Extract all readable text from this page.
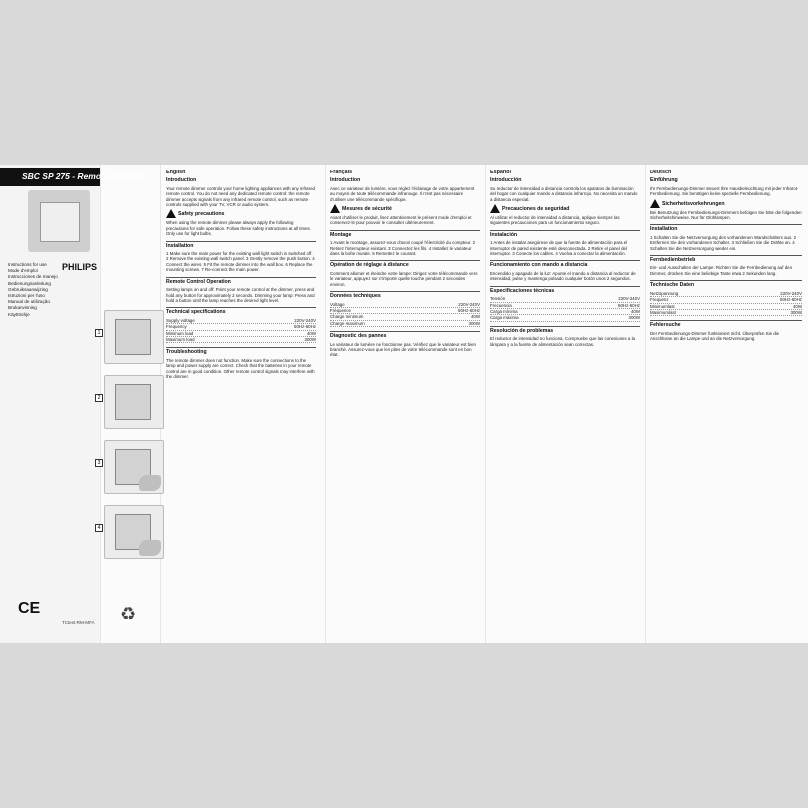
SBC SP 275 - Remote Dimmer
Instructions for use
Mode d'emploi
Instrucciones de manejo
Bedienungsanleitung
Gebruiksaanwijzing
Istruzioni per l'uso
Manual de utilização
Brukanvisning
Käyttöohje
PHILIPS
CE
TCtest-RM-MFA ♻
1
2
3
4
English
Introduction

Your remote dimmer controls your home lighting appliances with any infrared remote control. You do not need any dedicated remote control: the remote dimmer accepts signals from any infrared remote control, such as remote controls supplied with your TV, VCR or audio system.

Safety precautions

When using the remote dimmer please always apply the following precautions for safe operation. Follow these safety instructions at all times. Only use for light bulbs.

Installation

1 Make sure the main power for the existing wall light switch is switched off. 2 Remove the existing wall switch panel. 3 Gently remove the push button. 4 Connect the wires. 5 Fit the remote dimmer into the wall box. 6 Replace the mounting screws. 7 Re-connect the main power.

Remote Control Operation

Setting lamps on and off: Point your remote control at the dimmer, press and hold any button for approximately 2 seconds. Dimming your lamp: Press and hold a button until the lamp reaches the desired light level.

Technical specifications
Supply voltage	220V-240V
Frequency	50Hz-60Hz
Minimum load	40W
Maximum load	300W
Troubleshooting

The remote dimmer does not function. Make sure the connections to the lamp and power supply are correct. Check that the batteries in your remote control are in good condition. Other remote control signals may interfere with the dimmer.

Français
Introduction

Avec ce variateur de lumière, vous réglez l'éclairage de votre appartement au moyen de toute télécommande infrarouge. Il n'est pas nécessaire d'utiliser une télécommande spécifique.

Mesures de sécurité

Avant d'utiliser le produit, lisez attentivement le présent mode d'emploi et conservez-le pour pouvoir le consulter ultérieurement.

Montage

1 Avant le montage, assurez-vous d'avoir coupé l'électricité du compteur. 2 Retirez l'interrupteur existant. 3 Connectez les fils. 4 Installez le variateur dans la boîte murale. 5 Remettez le courant.

Opération de réglage à distance

Comment allumer et éteindre votre lampe: Dirigez votre télécommande vers le variateur, appuyez sur n'importe quelle touche pendant 2 secondes environ.

Données techniques
Voltage	220V-240V
Fréquence	50Hz-60Hz
Charge minimum	40W
Charge maximum	300W
Diagnostic des pannes

Le variateur de lumière ne fonctionne pas. Vérifiez que le variateur est bien branché. Assurez-vous que les piles de votre télécommande sont en bon état.

Español
Introducción

Su reductor de intensidad a distancia controla los aparatos de iluminación del hogar con cualquier mando a distancia infrarrojo. No necesita un mando a distancia especial.

Precauciones de seguridad

Al utilizar el reductor de intensidad a distancia, aplique siempre las siguientes precauciones para un funcionamiento seguro.

Instalación

1 Antes de instalar asegúrese de que la fuente de alimentación para el interruptor de pared existente esté desconectada. 2 Retire el panel del interruptor. 3 Conecte los cables. 4 Vuelva a conectar la alimentación.

Funcionamiento con mando a distancia

Encendido y apagado de la luz: Apunte el mando a distancia al reductor de intensidad, pulse y mantenga pulsado cualquier botón unos 2 segundos.

Especificaciones técnicas
Tensión	220V-240V
Frecuencia	50Hz-60Hz
Carga mínima	40W
Carga máxima	300W
Resolución de problemas

El reductor de intensidad no funciona. Compruebe que las conexiones a la lámpara y a la fuente de alimentación sean correctas.

Deutsch
Einführung

Ihr Fernbedienungs-Dimmer steuert Ihre Hausbeleuchtung mit jeder Infrarot-Fernbedienung. Sie benötigen keine spezielle Fernbedienung.

Sicherheitsvorkehrungen

Bei Benutzung des Fernbedienungs-Dimmers befolgen Sie bitte die folgenden Sicherheitshinweise. Nur für Glühlampen.

Installation

1 Schalten Sie die Netzversorgung des vorhandenen Wandschalters aus. 2 Entfernen Sie den vorhandenen Schalter. 3 Schließen Sie die Drähte an. 4 Schalten Sie die Netzversorgung wieder ein.

Fernbedienbetrieb

Ein- und Ausschalten der Lampe: Richten Sie die Fernbedienung auf den Dimmer, drücken Sie eine beliebige Taste etwa 2 Sekunden lang.

Technische Daten
Netzspannung	220V-240V
Frequenz	50Hz-60Hz
Minimumlast	40W
Maximumlast	300W
Fehlersuche

Der Fernbedienungs-Dimmer funktioniert nicht. Überprüfen Sie die Anschlüsse an die Lampe und an die Netzversorgung.
